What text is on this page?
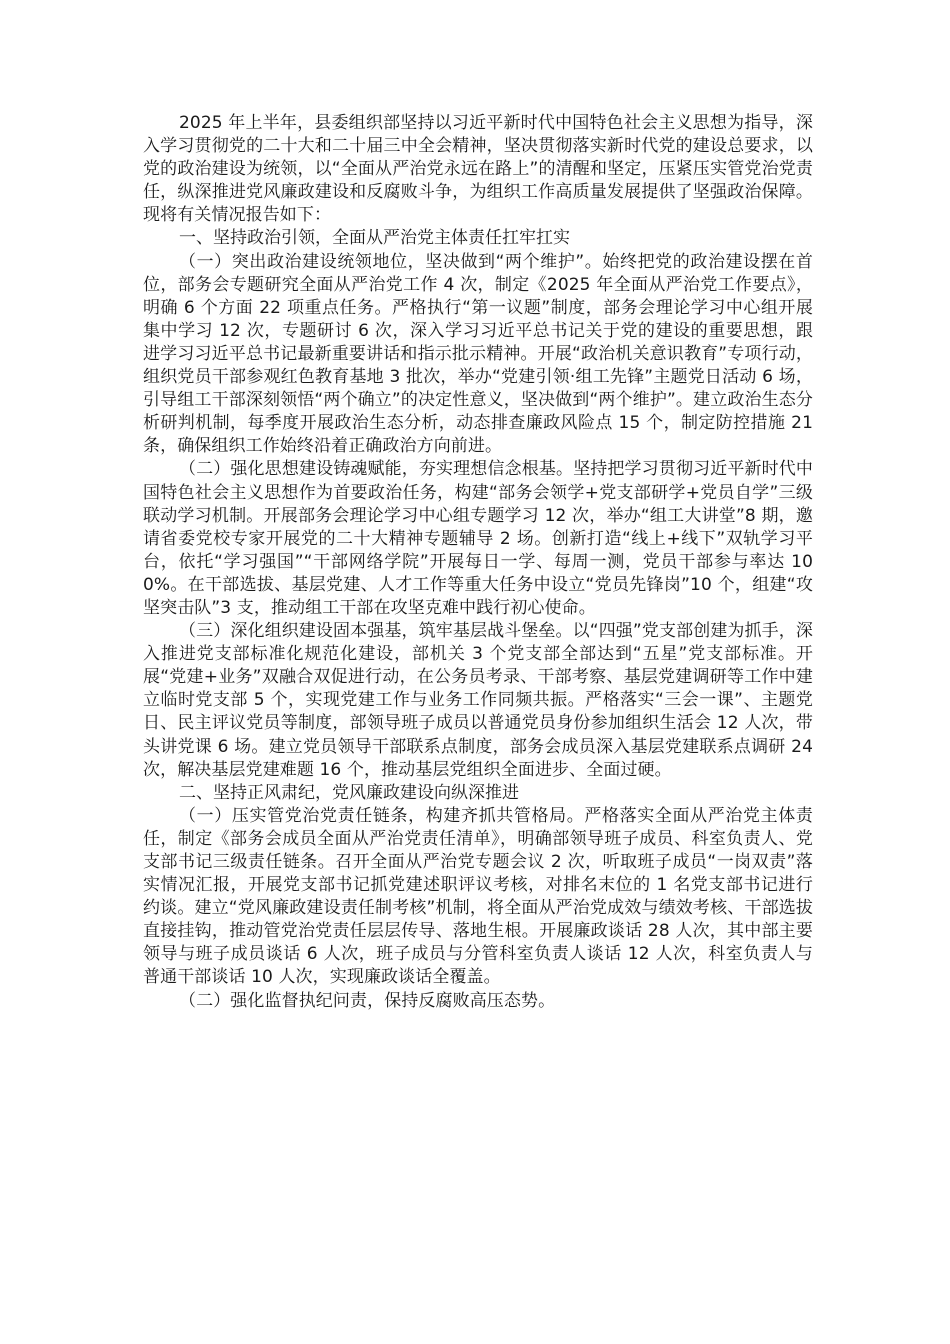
2025 年上半年，县委组织部坚持以习近平新时代中国特色社会主义思想为指导，深入学习贯彻党的二十大和二十届三中全会精神，坚决贯彻落实新时代党的建设总要求，以党的政治建设为统领，以“全面从严治党永远在路上”的清醒和坚定，压紧压实管党治党责任，纵深推进党风廉政建设和反腐败斗争，为组织工作高质量发展提供了坚强政治保障。现将有关情况报告如下：

一、坚持政治引领，全面从严治党主体责任扛牢扛实

（一）突出政治建设统领地位，坚决做到“两个维护”。始终把党的政治建设摆在首位，部务会专题研究全面从严治党工作 4 次，制定《2025 年全面从严治党工作要点》，明确 6 个方面 22 项重点任务。严格执行“第一议题”制度，部务会理论学习中心组开展集中学习 12 次，专题研讨 6 次，深入学习习近平总书记关于党的建设的重要思想，跟进学习习近平总书记最新重要讲话和指示批示精神。开展“政治机关意识教育”专项行动，组织党员干部参观红色教育基地 3 批次，举办“党建引领·组工先锋”主题党日活动 6 场，引导组工干部深刻领悟“两个确立”的决定性意义，坚决做到“两个维护”。建立政治生态分析研判机制，每季度开展政治生态分析，动态排查廉政风险点 15 个，制定防控措施 21 条，确保组织工作始终沿着正确政治方向前进。

（二）强化思想建设铸魂赋能，夯实理想信念根基。坚持把学习贯彻习近平新时代中国特色社会主义思想作为首要政治任务，构建“部务会领学+党支部研学+党员自学”三级联动学习机制。开展部务会理论学习中心组专题学习 12 次，举办“组工大讲堂”8 期，邀请省委党校专家开展党的二十大精神专题辅导 2 场。创新打造“线上+线下”双轨学习平台，依托“学习强国”“干部网络学院”开展每日一学、每周一测，党员干部参与率达 100%。在干部选拔、基层党建、人才工作等重大任务中设立“党员先锋岗”10 个，组建“攻坚突击队”3 支，推动组工干部在攻坚克难中践行初心使命。

（三）深化组织建设固本强基，筑牢基层战斗堡垒。以“四强”党支部创建为抓手，深入推进党支部标准化规范化建设，部机关 3 个党支部全部达到“五星”党支部标准。开展“党建+业务”双融合双促进行动，在公务员考录、干部考察、基层党建调研等工作中建立临时党支部 5 个，实现党建工作与业务工作同频共振。严格落实“三会一课”、主题党日、民主评议党员等制度，部领导班子成员以普通党员身份参加组织生活会 12 人次，带头讲党课 6 场。建立党员领导干部联系点制度，部务会成员深入基层党建联系点调研 24 次，解决基层党建难题 16 个，推动基层党组织全面进步、全面过硬。

二、坚持正风肃纪，党风廉政建设向纵深推进

（一）压实管党治党责任链条，构建齐抓共管格局。严格落实全面从严治党主体责任，制定《部务会成员全面从严治党责任清单》，明确部领导班子成员、科室负责人、党支部书记三级责任链条。召开全面从严治党专题会议 2 次，听取班子成员“一岗双责”落实情况汇报，开展党支部书记抓党建述职评议考核，对排名末位的 1 名党支部书记进行约谈。建立“党风廉政建设责任制考核”机制，将全面从严治党成效与绩效考核、干部选拔直接挂钩，推动管党治党责任层层传导、落地生根。开展廉政谈话 28 人次，其中部主要领导与班子成员谈话 6 人次，班子成员与分管科室负责人谈话 12 人次，科室负责人与普通干部谈话 10 人次，实现廉政谈话全覆盖。

（二）强化监督执纪问责，保持反腐败高压态势。
